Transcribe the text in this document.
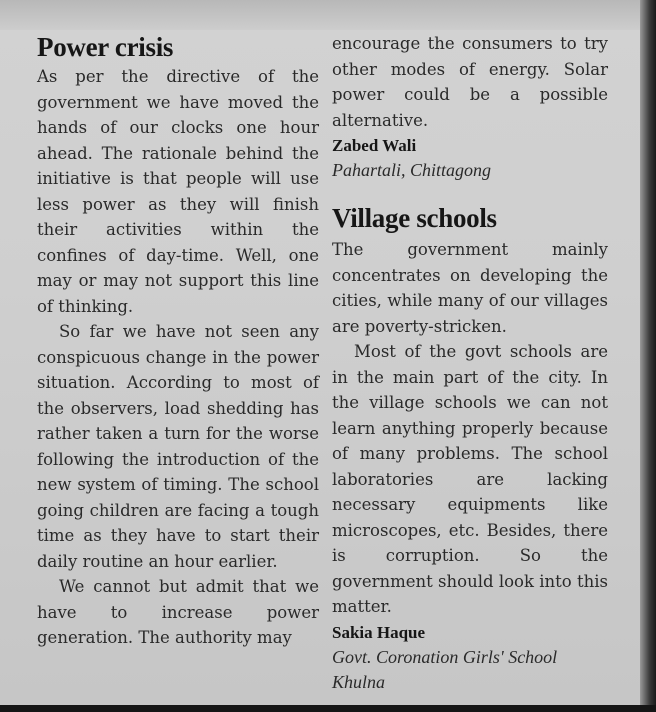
Power crisis

As per the directive of the government we have moved the hands of our clocks one hour ahead. The rationale behind the initiative is that people will use less power as they will finish their activities within the confines of day-time. Well, one may or may not support this line of thinking.

So far we have not seen any conspicuous change in the power situation. According to most of the observers, load shedding has rather taken a turn for the worse following the introduction of the new system of timing. The school going children are facing a tough time as they have to start their daily routine an hour earlier.

We cannot but admit that we have to increase power generation. The authority may

encourage the consumers to try other modes of energy. Solar power could be a possible alternative.

Zabed Wali
Pahartali, Chittagong
Village schools

The government mainly concentrates on developing the cities, while many of our villages are poverty-stricken.

Most of the govt schools are in the main part of the city. In the village schools we can not learn anything properly because of many problems. The school laboratories are lacking necessary equipments like microscopes, etc. Besides, there is corruption. So the government should look into this matter.

Sakia Haque
Govt. Coronation Girls' School
Khulna
